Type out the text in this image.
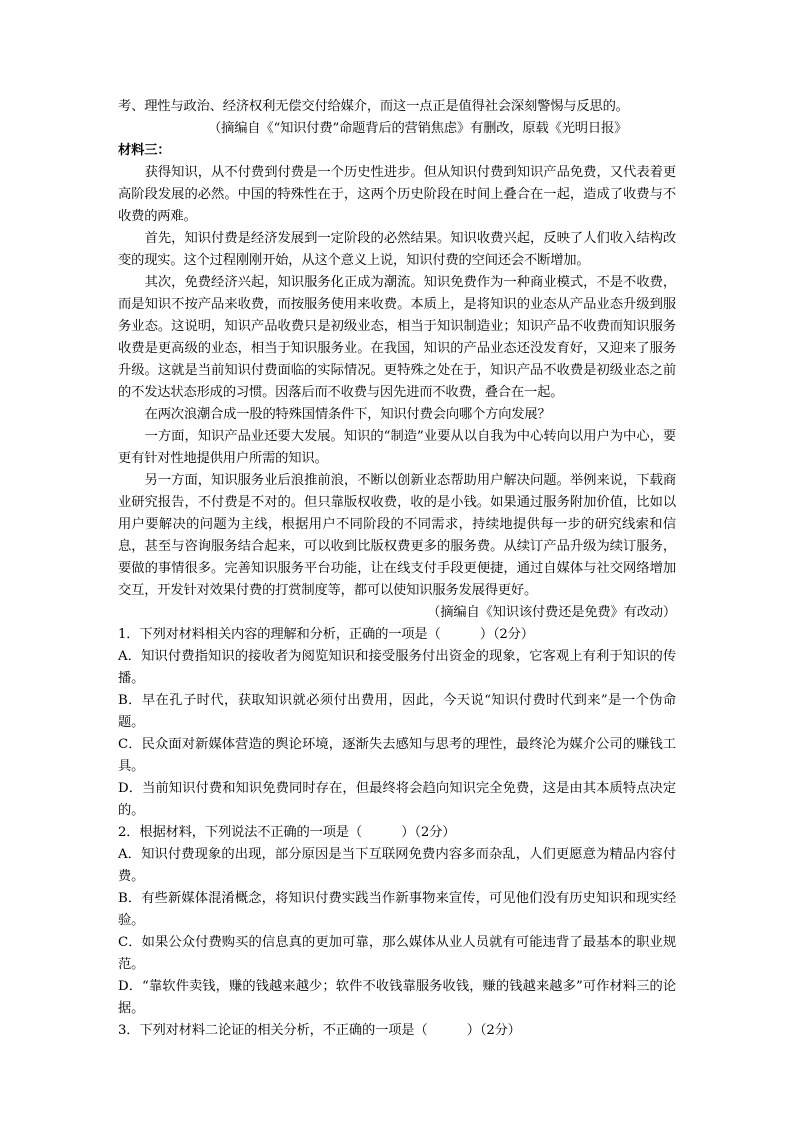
考、理性与政治、经济权利无偿交付给媒介，而这一点正是值得社会深刻警惕与反思的。

（摘编自《“知识付费”命题背后的营销焦虑》有删改，原载《光明日报》

材料三：

获得知识，从不付费到付费是一个历史性进步。但从知识付费到知识产品免费，又代表着更高阶段发展的必然。中国的特殊性在于，这两个历史阶段在时间上叠合在一起，造成了收费与不收费的两难。

首先，知识付费是经济发展到一定阶段的必然结果。知识收费兴起，反映了人们收入结构改变的现实。这个过程刚刚开始，从这个意义上说，知识付费的空间还会不断增加。

其次，免费经济兴起，知识服务化正成为潮流。知识免费作为一种商业模式，不是不收费，而是知识不按产品来收费，而按服务使用来收费。本质上，是将知识的业态从产品业态升级到服务业态。这说明，知识产品收费只是初级业态，相当于知识制造业；知识产品不收费而知识服务收费是更高级的业态，相当于知识服务业。在我国，知识的产品业态还没发育好，又迎来了服务升级。这就是当前知识付费面临的实际情况。更特殊之处在于，知识产品不收费是初级业态之前的不发达状态形成的习惯。因落后而不收费与因先进而不收费，叠合在一起。

在两次浪潮合成一股的特殊国情条件下，知识付费会向哪个方向发展？

一方面，知识产品业还要大发展。知识的“制造”业要从以自我为中心转向以用户为中心，要更有针对性地提供用户所需的知识。

另一方面，知识服务业后浪推前浪，不断以创新业态帮助用户解决问题。举例来说，下载商业研究报告，不付费是不对的。但只靠版权收费，收的是小钱。如果通过服务附加价值，比如以用户要解决的问题为主线，根据用户不同阶段的不同需求，持续地提供每一步的研究线索和信息，甚至与咨询服务结合起来，可以收到比版权费更多的服务费。从续订产品升级为续订服务，要做的事情很多。完善知识服务平台功能，让在线支付手段更便捷，通过自媒体与社交网络增加交互，开发针对效果付费的打赏制度等，都可以使知识服务发展得更好。

（摘编自《知识该付费还是免费》有改动）

1．下列对材料相关内容的理解和分析，正确的一项是（　　　）（2分）

A．知识付费指知识的接收者为阅览知识和接受服务付出资金的现象，它客观上有利于知识的传播。

B．早在孔子时代，获取知识就必须付出费用，因此，今天说“知识付费时代到来”是一个伪命题。

C．民众面对新媒体营造的舆论环境，逐渐失去感知与思考的理性，最终沦为媒介公司的赚钱工具。

D．当前知识付费和知识免费同时存在，但最终将会趋向知识完全免费，这是由其本质特点决定的。

2．根据材料，下列说法不正确的一项是（　　　）（2分）

A．知识付费现象的出现，部分原因是当下互联网免费内容多而杂乱，人们更愿意为精品内容付费。

B．有些新媒体混淆概念，将知识付费实践当作新事物来宣传，可见他们没有历史知识和现实经验。

C．如果公众付费购买的信息真的更加可靠，那么媒体从业人员就有可能违背了最基本的职业规范。

D．“靠软件卖钱，赚的钱越来越少；软件不收钱靠服务收钱，赚的钱越来越多”可作材料三的论据。

3．下列对材料二论证的相关分析，不正确的一项是（　　　）（2分）
